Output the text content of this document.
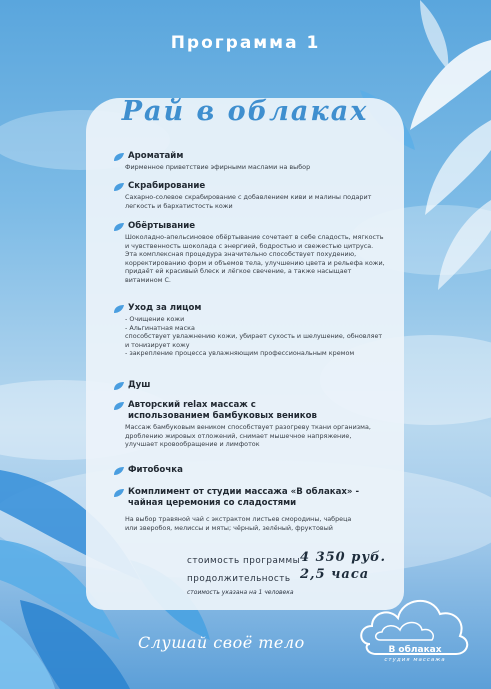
Программа 1
Рай в облаках
Ароматайм
Фирменное приветствие эфирными маслами на выбор
Скрабирование
Сахарно-солевое скрабирование с добавлением киви и малины подарит легкость и бархатистость кожи
Обёртывание
Шоколадно-апельсиновое обёртывание сочетает в себе сладость, мягкость и чувственность шоколада с энергией, бодростью и свежестью цитруса. Эта комплексная процедура значительно способствует похудению, корректированию форм и объемов тела, улучшению цвета и рельефа кожи, придаёт ей красивый блеск и лёгкое свечение, а также насыщает витамином С.
Уход за лицом
- Очищение кожи
- Альгинатная маска
способствует увлажнению кожи, убирает сухость и шелушение, обновляет и тонизирует кожу
- закрепление процесса увлажняющим профессиональным кремом
Душ
Авторский relax массаж с использованием бамбуковых веников
Массаж бамбуковым веником способствует разогреву ткани организма, дроблению жировых отложений, снимает мышечное напряжение, улучшает кровообращение и лимфоток
Фитобочка
Комплимент от студии массажа «В облаках» - чайная церемония со сладостями
На выбор травяной чай с экстрактом листьев смородины, чабреца или зверобоя, мелиссы и мяты; чёрный, зелёный, фруктовый
стоимость программы 4 350 руб.
продолжительность 2,5 часа
стоимость указана на 1 человека
Слушай своё тело	В облаках
студия массажа
